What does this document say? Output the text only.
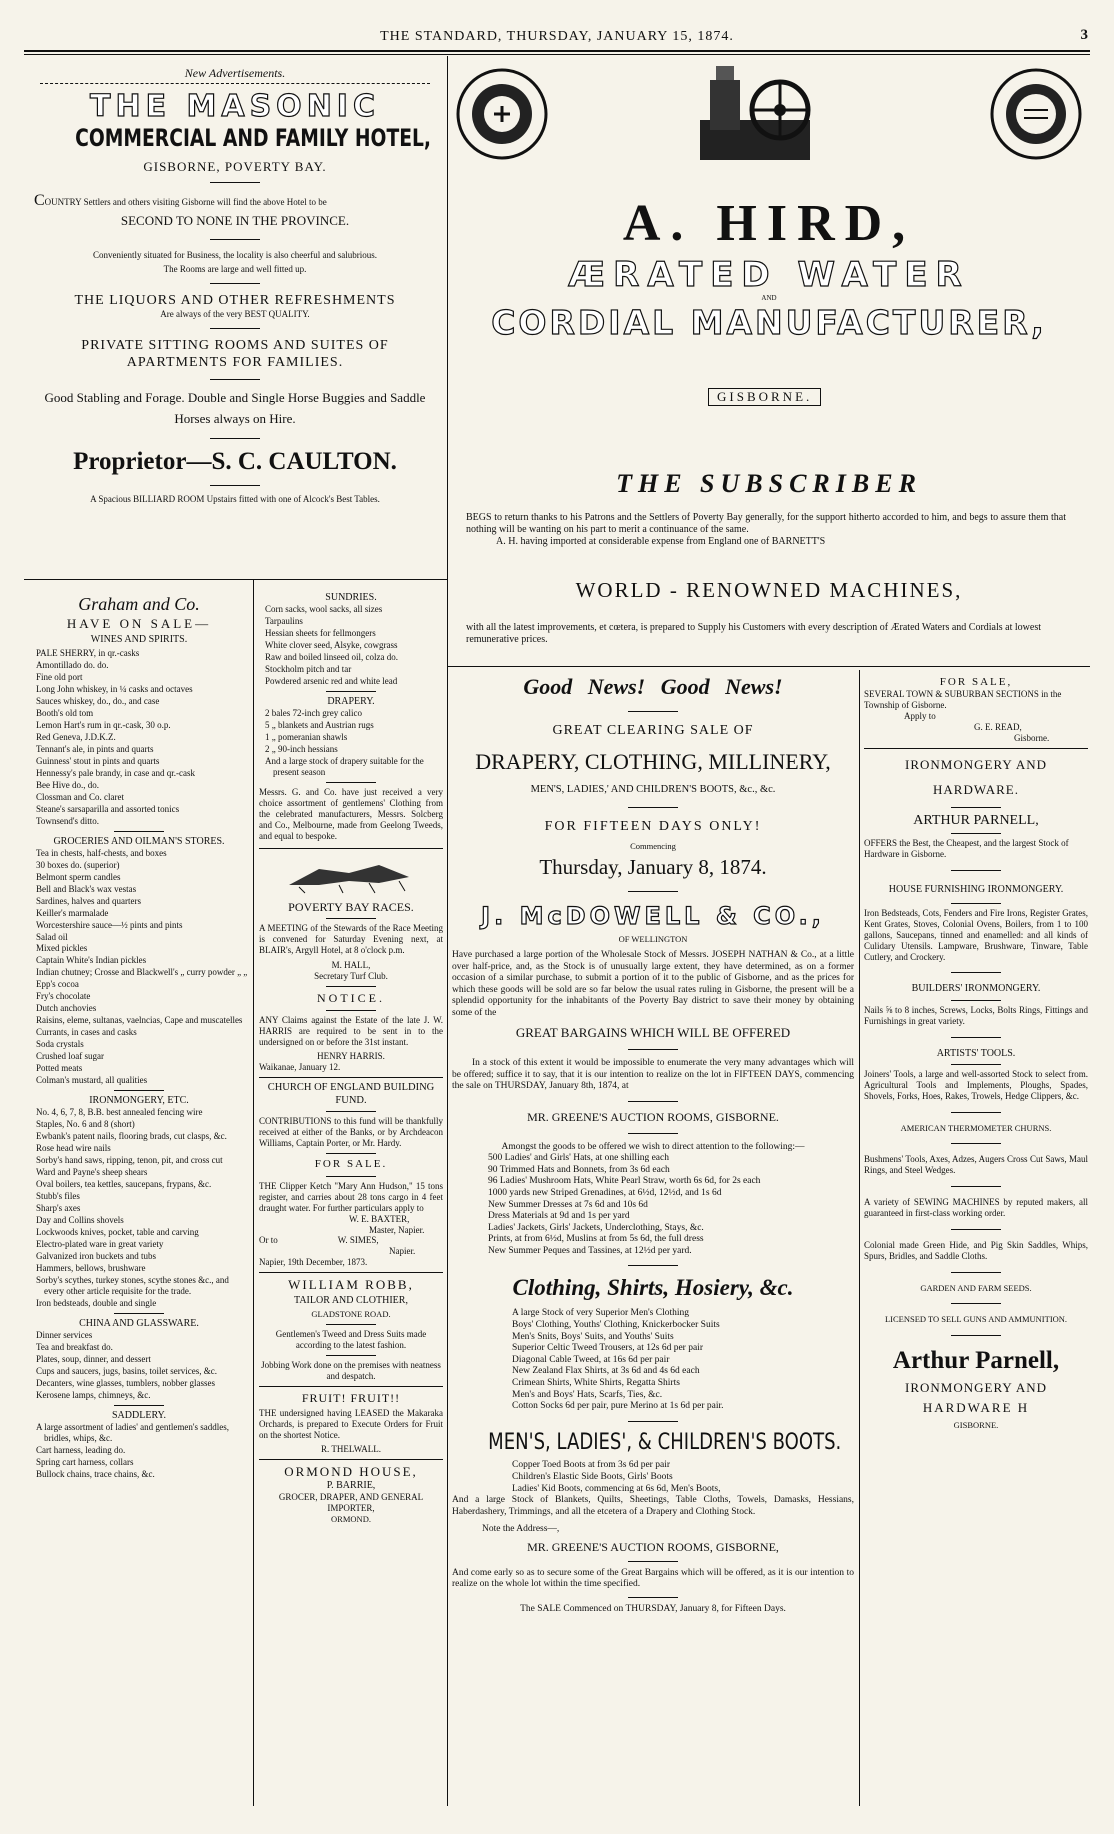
THE STANDARD, THURSDAY, JANUARY 15, 1874.	3
New Advertisements.
THE MASONIC
COMMERCIAL AND FAMILY HOTEL,
GISBORNE, POVERTY BAY.
COUNTRY Settlers and others visiting Gisborne will find the above Hotel to be
SECOND TO NONE IN THE PROVINCE.
Conveniently situated for Business, the locality is also cheerful and salubrious.
The Rooms are large and well fitted up.
THE LIQUORS AND OTHER REFRESHMENTS
Are always of the very BEST QUALITY.
PRIVATE SITTING ROOMS AND SUITES OF APARTMENTS FOR FAMILIES.
Good Stabling and Forage. Double and Single Horse Buggies and Saddle Horses always on Hire.
Proprietor—S. C. CAULTON.
A Spacious BILLIARD ROOM Upstairs fitted with one of Alcock's Best Tables.
Graham and Co.
HAVE ON SALE—
WINES AND SPIRITS.

PALE SHERRY, in qr.-casks

Amontillado do. do.

Fine old port

Long John whiskey, in ¼ casks and octaves

Sauces whiskey, do., do., and case

Booth's old tom

Lemon Hart's rum in qr.-cask, 30 o.p.

Red Geneva, J.D.K.Z.

Tennant's ale, in pints and quarts

Guinness' stout in pints and quarts

Hennessy's pale brandy, in case and qr.-cask

Bee Hive do., do.

Clossman and Co. claret

Steane's sarsaparilla and assorted tonics

Townsend's ditto.

GROCERIES AND OILMAN'S STORES.

Tea in chests, half-chests, and boxes

30 boxes do. (superior)

Belmont sperm candles

Bell and Black's wax vestas

Sardines, halves and quarters

Keiller's marmalade

Worcestershire sauce—½ pints and pints

Salad oil

Mixed pickles

Captain White's Indian pickles

Indian chutney; Crosse and Blackwell's „ curry powder „ „

Epp's cocoa

Fry's chocolate

Dutch anchovies

Raisins, eleme, sultanas, vaelncias, Cape and muscatelles

Currants, in cases and casks

Soda crystals

Crushed loaf sugar

Potted meats

Colman's mustard, all qualities

IRONMONGERY, ETC.

No. 4, 6, 7, 8, B.B. best annealed fencing wire

Staples, No. 6 and 8 (short)

Ewbank's patent nails, flooring brads, cut clasps, &c.

Rose head wire nails

Sorby's hand saws, ripping, tenon, pit, and cross cut

Ward and Payne's sheep shears

Oval boilers, tea kettles, saucepans, frypans, &c.

Stubb's files

Sharp's axes

Day and Collins shovels

Lockwoods knives, pocket, table and carving

Electro-plated ware in great variety

Galvanized iron buckets and tubs

Hammers, bellows, brushware

Sorby's scythes, turkey stones, scythe stones &c., and every other article requisite for the trade.

Iron bedsteads, double and single

CHINA AND GLASSWARE.

Dinner services

Tea and breakfast do.

Plates, soup, dinner, and dessert

Cups and saucers, jugs, basins, toilet services, &c.

Decanters, wine glasses, tumblers, nobber glasses

Kerosene lamps, chimneys, &c.

SADDLERY.

A large assortment of ladies' and gentlemen's saddles, bridles, whips, &c.

Cart harness, leading do.

Spring cart harness, collars

Bullock chains, trace chains, &c.

SUNDRIES.

Corn sacks, wool sacks, all sizes

Tarpaulins

Hessian sheets for fellmongers

White clover seed, Alsyke, cowgrass

Raw and boiled linseed oil, colza do.

Stockholm pitch and tar

Powdered arsenic red and white lead

DRAPERY.

2 bales 72-inch grey calico

5 „ blankets and Austrian rugs

1 „ pomeranian shawls

2 „ 90-inch hessians

And a large stock of drapery suitable for the present season

Messrs. G. and Co. have just received a very choice assortment of gentlemens' Clothing from the celebrated manufacturers, Messrs. Solcberg and Co., Melbourne, made from Geelong Tweeds, and equal to bespoke.
POVERTY BAY RACES.
A MEETING of the Stewards of the Race Meeting is convened for Saturday Evening next, at BLAIR's, Argyll Hotel, at 8 o'clock p.m.
M. HALL,
Secretary Turf Club.
NOTICE.
ANY Claims against the Estate of the late J. W. HARRIS are required to be sent in to the undersigned on or before the 31st instant.
HENRY HARRIS.
Waikanae, January 12.
CHURCH OF ENGLAND BUILDING FUND.
CONTRIBUTIONS to this fund will be thankfully received at either of the Banks, or by Archdeacon Williams, Captain Porter, or Mr. Hardy.
FOR SALE.
THE Clipper Ketch "Mary Ann Hudson," 15 tons register, and carries about 28 tons cargo in 4 feet draught water. For further particulars apply to
W. E. BAXTER,
Master, Napier.
Or to	W. SIMES,
Napier.
Napier, 19th December, 1873.
WILLIAM ROBB,
TAILOR AND CLOTHIER,
GLADSTONE ROAD.
Gentlemen's Tweed and Dress Suits made according to the latest fashion.
Jobbing Work done on the premises with neatness and despatch.
FRUIT! FRUIT!!
THE undersigned having LEASED the Makaraka Orchards, is prepared to Execute Orders for Fruit on the shortest Notice.
R. THELWALL.
ORMOND HOUSE,
P. BARRIE,
GROCER, DRAPER, AND GENERAL IMPORTER,
ORMOND.
A. HIRD,
ÆRATED WATER
AND
CORDIAL MANUFACTURER,
GISBORNE.
THE SUBSCRIBER
BEGS to return thanks to his Patrons and the Settlers of Poverty Bay generally, for the support hitherto accorded to him, and begs to assure them that nothing will be wanting on his part to merit a continuance of the same.
A. H. having imported at considerable expense from England one of BARNETT'S
WORLD - RENOWNED MACHINES,
with all the latest improvements, et cœtera, is prepared to Supply his Customers with every description of Ærated Waters and Cordials at lowest remunerative prices.
Good News! Good News!
GREAT CLEARING SALE OF
DRAPERY, CLOTHING, MILLINERY,
MEN'S, LADIES,' AND CHILDREN'S BOOTS, &c., &c.
FOR FIFTEEN DAYS ONLY!
Commencing
Thursday, January 8, 1874.
J. McDOWELL & CO.,
OF WELLINGTON
Have purchased a large portion of the Wholesale Stock of Messrs. JOSEPH NATHAN & Co., at a little over half-price, and, as the Stock is of unusually large extent, they have determined, as on a former occasion of a similar purchase, to submit a portion of it to the public of Gisborne, and as the prices for which these goods will be sold are so far below the usual rates ruling in Gisborne, the present will be a splendid opportunity for the inhabitants of the Poverty Bay district to save their money by obtaining some of the
GREAT BARGAINS WHICH WILL BE OFFERED
In a stock of this extent it would be impossible to enumerate the very many advantages which will be offered; suffice it to say, that it is our intention to realize on the lot in FIFTEEN DAYS, commencing the sale on THURSDAY, January 8th, 1874, at
MR. GREENE'S AUCTION ROOMS, GISBORNE.
Amongst the goods to be offered we wish to direct attention to the following:—

500 Ladies' and Girls' Hats, at one shilling each

90 Trimmed Hats and Bonnets, from 3s 6d each

96 Ladies' Mushroom Hats, White Pearl Straw, worth 6s 6d, for 2s each

1000 yards new Striped Grenadines, at 6½d, 12½d, and 1s 6d

New Summer Dresses at 7s 6d and 10s 6d

Dress Materials at 9d and 1s per yard

Ladies' Jackets, Girls' Jackets, Underclothing, Stays, &c.

Prints, at from 6½d, Muslins at from 5s 6d, the full dress

New Summer Peques and Tassines, at 12½d per yard.

Clothing, Shirts, Hosiery, &c.

A large Stock of very Superior Men's Clothing

Boys' Clothing, Youths' Clothing, Knickerbocker Suits

Men's Snits, Boys' Suits, and Youths' Suits

Superior Celtic Tweed Trousers, at 12s 6d per pair

Diagonal Cable Tweed, at 16s 6d per pair

New Zealand Flax Shirts, at 3s 6d and 4s 6d each

Crimean Shirts, White Shirts, Regatta Shirts

Men's and Boys' Hats, Scarfs, Ties, &c.

Cotton Socks 6d per pair, pure Merino at 1s 6d per pair.

MEN'S, LADIES', & CHILDREN'S BOOTS.

Copper Toed Boots at from 3s 6d per pair

Children's Elastic Side Boots, Girls' Boots

Ladies' Kid Boots, commencing at 6s 6d, Men's Boots,

And a large Stock of Blankets, Quilts, Sheetings, Table Cloths, Towels, Damasks, Hessians, Haberdashery, Trimmings, and all the etcetera of a Drapery and Clothing Stock.
Note the Address—,
MR. GREENE'S AUCTION ROOMS, GISBORNE,
And come early so as to secure some of the Great Bargains which will be offered, as it is our intention to realize on the whole lot within the time specified.
The SALE Commenced on THURSDAY, January 8, for Fifteen Days.
FOR SALE,
SEVERAL TOWN & SUBURBAN SECTIONS in the Township of Gisborne.
Apply to
G. E. READ,
Gisborne.
IRONMONGERY AND HARDWARE.
ARTHUR PARNELL,
OFFERS the Best, the Cheapest, and the largest Stock of Hardware in Gisborne.
HOUSE FURNISHING IRONMONGERY.
Iron Bedsteads, Cots, Fenders and Fire Irons, Register Grates, Kent Grates, Stoves, Colonial Ovens, Boilers, from 1 to 100 gallons, Saucepans, tinned and enamelled: and all kinds of Culidary Utensils. Lampware, Brushware, Tinware, Table Cutlery, and Crockery.
BUILDERS' IRONMONGERY.
Nails ⅝ to 8 inches, Screws, Locks, Bolts Rings, Fittings and Furnishings in great variety.
ARTISTS' TOOLS.
Joiners' Tools, a large and well-assorted Stock to select from. Agricultural Tools and Implements, Ploughs, Spades, Shovels, Forks, Hoes, Rakes, Trowels, Hedge Clippers, &c.
AMERICAN THERMOMETER CHURNS.
Bushmens' Tools, Axes, Adzes, Augers Cross Cut Saws, Maul Rings, and Steel Wedges.
A variety of SEWING MACHINES by reputed makers, all guaranteed in first-class working order.
Colonial made Green Hide, and Pig Skin Saddles, Whips, Spurs, Bridles, and Saddle Cloths.
GARDEN AND FARM SEEDS.
LICENSED TO SELL GUNS AND AMMUNITION.
Arthur Parnell,
IRONMONGERY AND
HARDWARE H
GISBORNE.
